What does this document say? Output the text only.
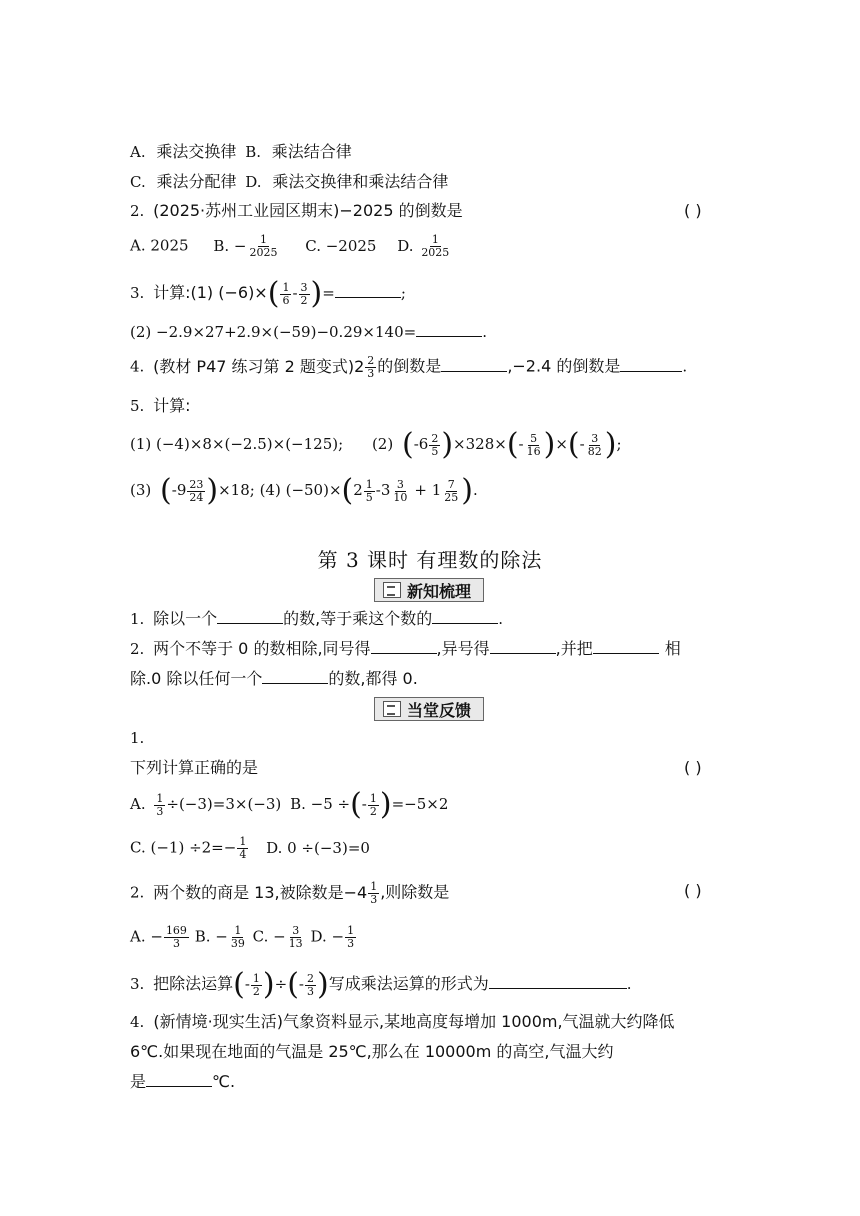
A. 乘法交换律 B. 乘法结合律
C. 乘法分配律 D. 乘法交换律和乘法结合律
2. (2025·苏州工业园区期末)−2025 的倒数是	( )
A. 2025 B. − $\frac{1}{2025} C$. −2025 D. $\frac{1}{2025}$
3. 计算:(1) $(-6)\times( \frac{1}{6} - \frac{3}{2}$ )=	;
(2) −2.9×27+2.9×(−59)−0.29×140=	.
4. (教材 P47 练习第 2 题变式)$2 \frac{2}{3}$ 的倒数是	,−2.4 的倒数是	.
5. 计算:
(1) (−4)×8×(−2.5)×(−125); (2) $(-6 \frac{2}{5} )\times 328\times(- \frac{5}{16}$ )×(- $\frac{3}{82}$ );
(3) $(-9 \frac{23}{24} )\times 18$; (4) $(-50)\times(2 \frac{1}{5} -3 \frac{3}{10} + 1 \frac{7}{25}$ ).
第 3 课时 有理数的除法
新知梳理
1. 除以一个	的数,等于乘这个数的	.
2. 两个不等于 0 的数相除,同号得	,异号得	,并把	相
除.0 除以任何一个	的数,都得 0.
当堂反馈
1.
下列计算正确的是	( )
A. $\frac{1}{3} \div(-3)=3\times(-3)$ B. −5 ÷(- $\frac{1}{2} )=-5\times 2$
C. $(-1) \div 2=- \frac{1}{4} D$. 0 ÷(−3)=0
2. 两个数的商是 13,被除数是$-4 \frac{1}{3}$ ,则除数是	( )
A. − $\frac{169}{3} B$. − $\frac{1}{39} C$. − $\frac{3}{13} D$. − $\frac{1}{3}$
3. 把除法运算(- $\frac{1}{2}$ )÷(- $\frac{2}{3}$ )写成乘法运算的形式为	.
4. (新情境·现实生活)气象资料显示,某地高度每增加 1000m,气温就大约降低
6℃.如果现在地面的气温是 25℃,那么在 10000m 的高空,气温大约
是	℃.
